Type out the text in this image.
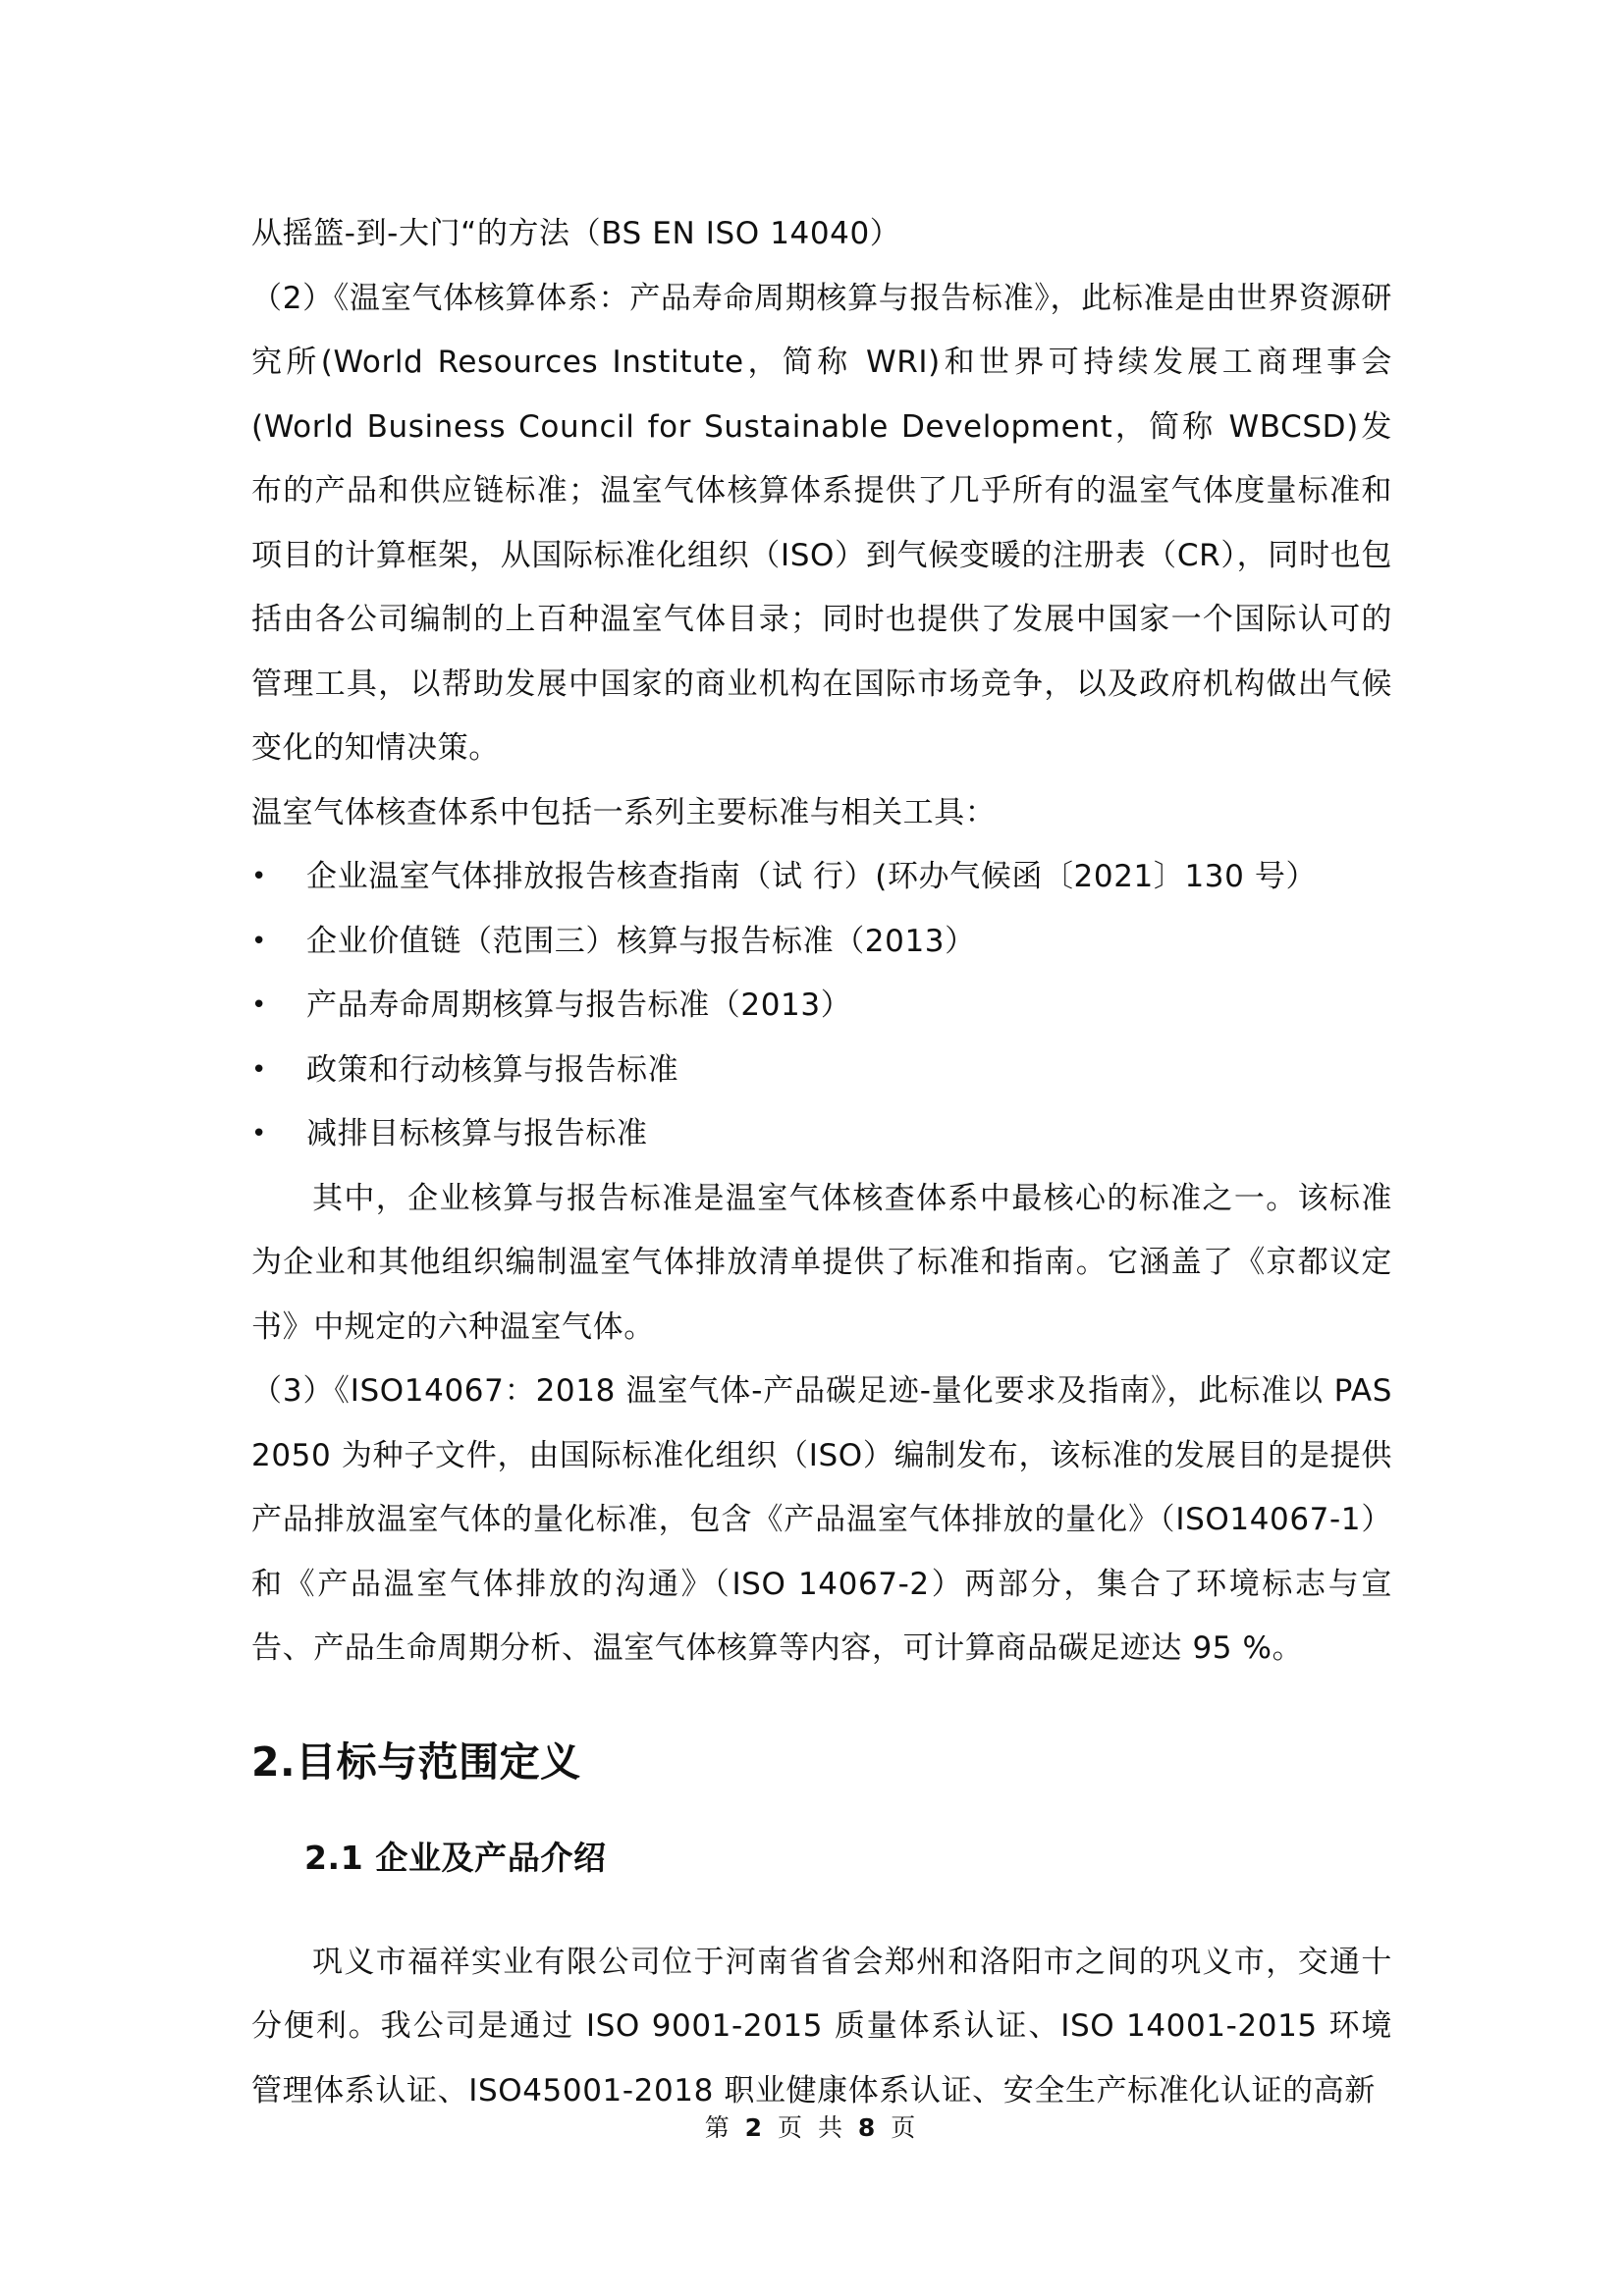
从摇篮-到-大门“的方法（BS EN ISO 14040）

（2）《温室气体核算体系：产品寿命周期核算与报告标准》，此标准是由世界资源研究所(World Resources Institute，简称 WRI)和世界可持续发展工商理事会(World Business Council for Sustainable Development，简称 WBCSD)发布的产品和供应链标准；温室气体核算体系提供了几乎所有的温室气体度量标准和项目的计算框架，从国际标准化组织（ISO）到气候变暖的注册表（CR），同时也包括由各公司编制的上百种温室气体目录；同时也提供了发展中国家一个国际认可的管理工具，以帮助发展中国家的商业机构在国际市场竞争，以及政府机构做出气候变化的知情决策。

温室气体核查体系中包括一系列主要标准与相关工具：

• 企业温室气体排放报告核查指南（试 行）(环办气候函〔2021〕130 号）
• 企业价值链（范围三）核算与报告标准（2013）
• 产品寿命周期核算与报告标准（2013）
• 政策和行动核算与报告标准
• 减排目标核算与报告标准

其中，企业核算与报告标准是温室气体核查体系中最核心的标准之一。该标准为企业和其他组织编制温室气体排放清单提供了标准和指南。它涵盖了《京都议定书》中规定的六种温室气体。

（3）《ISO14067：2018 温室气体-产品碳足迹-量化要求及指南》，此标准以 PAS 2050 为种子文件，由国际标准化组织（ISO）编制发布，该标准的发展目的是提供产品排放温室气体的量化标准，包含《产品温室气体排放的量化》（ISO14067-1）和《产品温室气体排放的沟通》（ISO 14067-2）两部分，集合了环境标志与宣告、产品生命周期分析、温室气体核算等内容，可计算商品碳足迹达 95 %。

2.目标与范围定义
2.1 企业及产品介绍

巩义市福祥实业有限公司位于河南省省会郑州和洛阳市之间的巩义市，交通十分便利。我公司是通过 ISO 9001-2015 质量体系认证、ISO 14001-2015 环境管理体系认证、ISO45001-2018 职业健康体系认证、安全生产标准化认证的高新

第 2 页 共 8 页
